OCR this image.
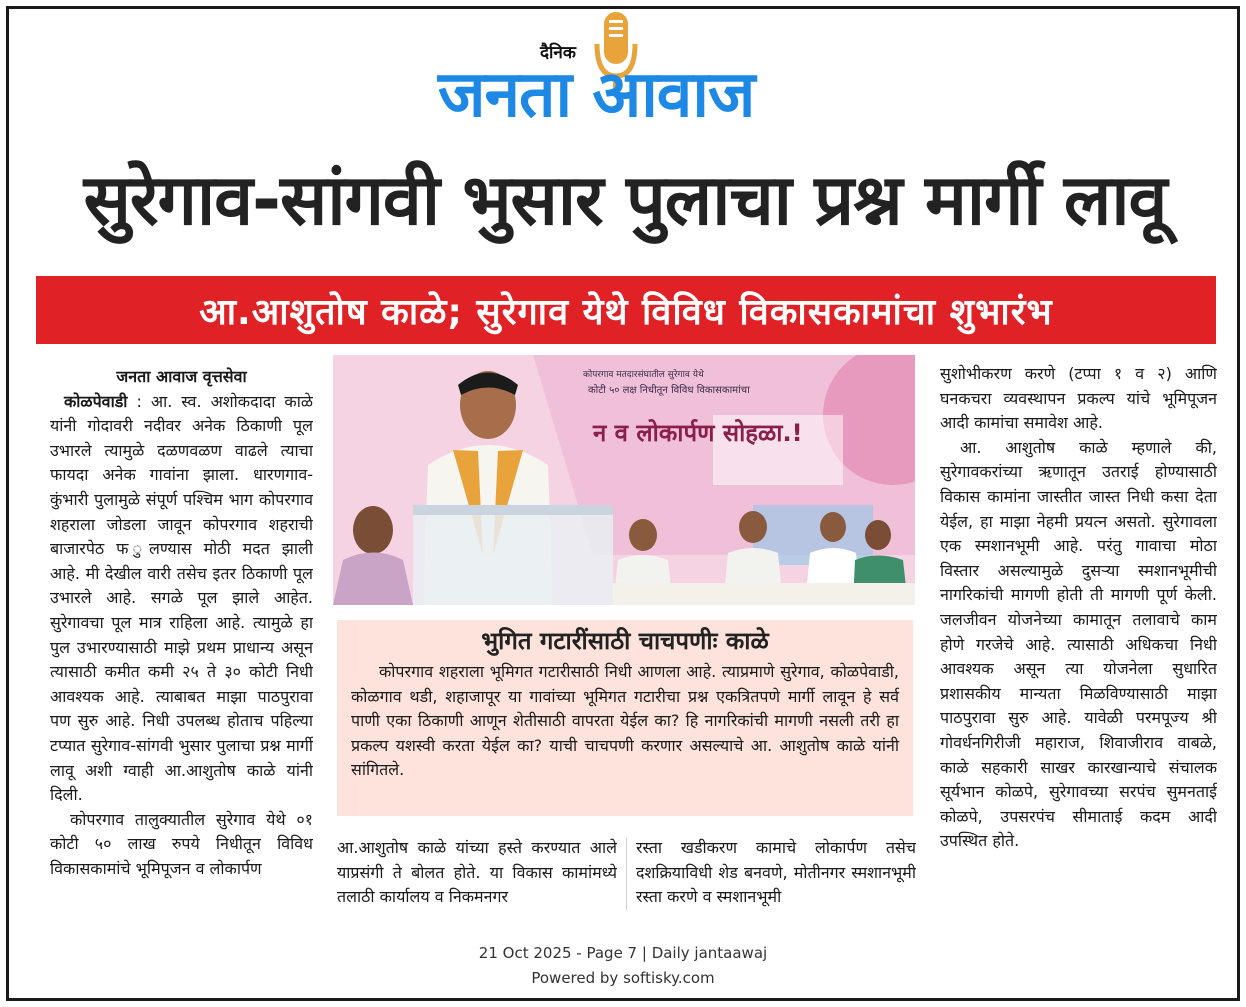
दैनिक
जनता आवाज
सुरेगाव-सांगवी भुसार पुलाचा प्रश्न मार्गी लावू
आ.आशुतोष काळे; सुरेगाव येथे विविध विकासकामांचा शुभारंभ
जनता आवाज वृत्तसेवा

कोळपेवाडी : आ. स्व. अशोकदादा काळे यांनी गोदावरी नदीवर अनेक ठिकाणी पूल उभारले त्यामुळे दळणवळण वाढले त्याचा फायदा अनेक गावांना झाला. धारणगाव-कुंभारी पुलामुळे संपूर्ण पश्चिम भाग कोपरगाव शहराला जोडला जावून कोपरगाव शहराची बाजारपेठ फ ुलण्यास मोठी मदत झाली आहे. मी देखील वारी तसेच इतर ठिकाणी पूल उभारले आहे. सगळे पूल झाले आहेत. सुरेगावचा पूल मात्र राहिला आहे. त्यामुळे हा पुल उभारण्यासाठी माझे प्रथम प्राधान्य असून त्यासाठी कमीत कमी २५ ते ३० कोटी निधी आवश्यक आहे. त्याबाबत माझा पाठपुरावा पण सुरु आहे. निधी उपलब्ध होताच पहिल्या टप्यात सुरेगाव-सांगवी भुसार पुलाचा प्रश्न मार्गी लावू अशी ग्वाही आ.आशुतोष काळे यांनी दिली.

कोपरगाव तालुक्यातील सुरेगाव येथे ०१ कोटी ५० लाख रुपये निधीतून विविध विकासकामांचे भूमिपूजन व लोकार्पण

कोपरगाव मतदारसंघातील सुरेगाव येथे
कोटी ५० लक्ष निधीतून विविध विकासकामांचा
न व लोकार्पण सोहळा.!
भुगित गटारींसाठी चाचपणीः काळे
कोपरगाव शहराला भूमिगत गटारीसाठी निधी आणला आहे. त्याप्रमाणे सुरेगाव, कोळपेवाडी, कोळगाव थडी, शहाजापूर या गावांच्या भूमिगत गटारीचा प्रश्न एकत्रितपणे मार्गी लावून हे सर्व पाणी एका ठिकाणी आणून शेतीसाठी वापरता येईल का? हि नागरिकांची मागणी नसली तरी हा प्रकल्प यशस्वी करता येईल का? याची चाचपणी करणार असल्याचे आ. आशुतोष काळे यांनी सांगितले.
आ.आशुतोष काळे यांच्या हस्ते करण्यात आले याप्रसंगी ते बोलत होते. या विकास कामांमध्ये तलाठी कार्यालय व निकमनगर
रस्ता खडीकरण कामाचे लोकार्पण तसेच दशक्रियाविधी शेड बनवणे, मोतीनगर स्मशानभूमी रस्ता करणे व स्मशानभूमी

सुशोभीकरण करणे (टप्पा १ व २) आणि घनकचरा व्यवस्थापन प्रकल्प यांचे भूमिपूजन आदी कामांचा समावेश आहे.

आ. आशुतोष काळे म्हणाले की, सुरेगावकरांच्या ऋणातून उतराई होण्यासाठी विकास कामांना जास्तीत जास्त निधी कसा देता येईल, हा माझा नेहमी प्रयत्न असतो. सुरेगावला एक स्मशानभूमी आहे. परंतु गावाचा मोठा विस्तार असल्यामुळे दुसऱ्या स्मशानभूमीची नागरिकांची मागणी होती ती मागणी पूर्ण केली. जलजीवन योजनेच्या कामातून तलावाचे काम होणे गरजेचे आहे. त्यासाठी अधिकचा निधी आवश्यक असून त्या योजनेला सुधारित प्रशासकीय मान्यता मिळविण्यासाठी माझा पाठपुरावा सुरु आहे. यावेळी परमपूज्य श्री गोवर्धनगिरीजी महाराज, शिवाजीराव वाबळे, काळे सहकारी साखर कारखान्याचे संचालक सूर्यभान कोळपे, सुरेगावच्या सरपंच सुमनताई कोळपे, उपसरपंच सीमाताई कदम आदी उपस्थित होते.

21 Oct 2025 - Page 7 | Daily jantaawaj
Powered by softisky.com
